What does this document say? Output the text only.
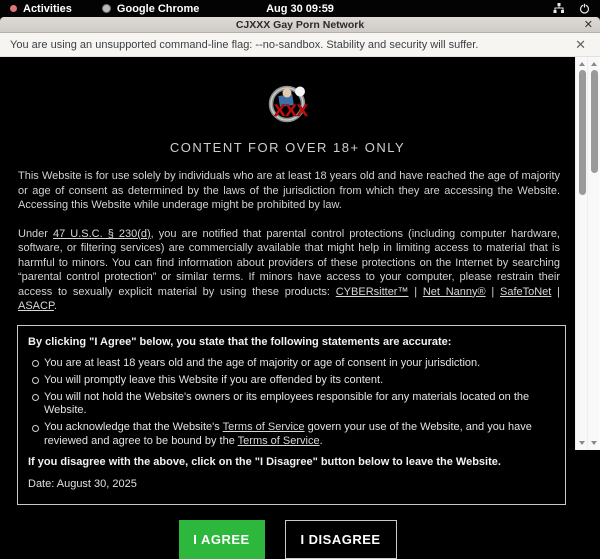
Activities	Google Chrome	Aug 30 09:59
CJXXX Gay Porn Network	✕
You are using an unsupported command-line flag: --no-sandbox. Stability and security will suffer.	✕
XXX
CONTENT FOR OVER 18+ ONLY

This Website is for use solely by individuals who are at least 18 years old and have reached the age of majority or age of consent as determined by the laws of the jurisdiction from which they are accessing the Website. Accessing this Website while underage might be prohibited by law.

Under 47 U.S.C. § 230(d), you are notified that parental control protections (including computer hardware, software, or filtering services) are commercially available that might help in limiting access to material that is harmful to minors. You can find information about providers of these protections on the Internet by searching “parental control protection” or similar terms. If minors have access to your computer, please restrain their access to sexually explicit material by using these products: CYBERsitter™ | Net Nanny® | SafeToNet | ASACP.

By clicking "I Agree" below, you state that the following statements are accurate:
You are at least 18 years old and the age of majority or age of consent in your jurisdiction.
You will promptly leave this Website if you are offended by its content.
You will not hold the Website's owners or its employees responsible for any materials located on the Website.
You acknowledge that the Website's Terms of Service govern your use of the Website, and you have reviewed and agree to be bound by the Terms of Service.
If you disagree with the above, click on the "I Disagree" button below to leave the Website.
Date: August 30, 2025
I AGREE	I DISAGREE
